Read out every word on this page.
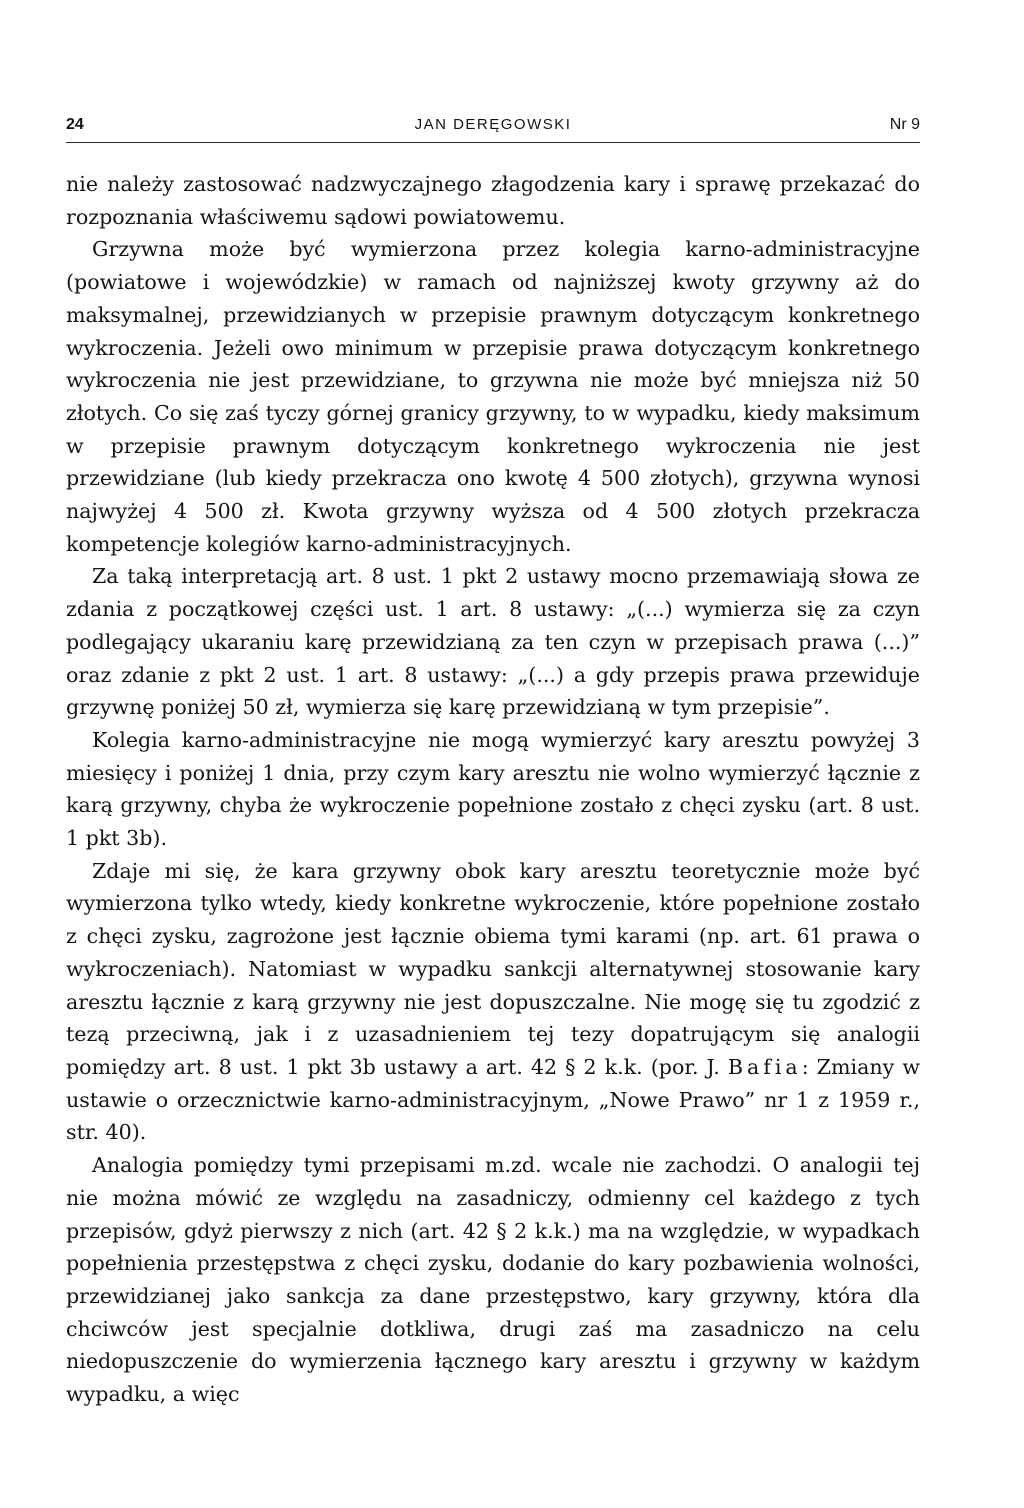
24	JAN DERĘGOWSKI	Nr 9

nie należy zastosować nadzwyczajnego złagodzenia kary i sprawę przekazać do rozpoznania właściwemu sądowi powiatowemu.

Grzywna może być wymierzona przez kolegia karno-administracyjne (powiatowe i wojewódzkie) w ramach od najniższej kwoty grzywny aż do maksymalnej, przewidzianych w przepisie prawnym dotyczącym konkretnego wykroczenia. Jeżeli owo minimum w przepisie prawa dotyczącym konkretnego wykroczenia nie jest przewidziane, to grzywna nie może być mniejsza niż 50 złotych. Co się zaś tyczy górnej granicy grzywny, to w wypadku, kiedy maksimum w przepisie prawnym dotyczącym konkretnego wykroczenia nie jest przewidziane (lub kiedy przekracza ono kwotę 4 500 złotych), grzywna wynosi najwyżej 4 500 zł. Kwota grzywny wyższa od 4 500 złotych przekracza kompetencje kolegiów karno-administracyjnych.

Za taką interpretacją art. 8 ust. 1 pkt 2 ustawy mocno przemawiają słowa ze zdania z początkowej części ust. 1 art. 8 ustawy: „(...) wymierza się za czyn podlegający ukaraniu karę przewidzianą za ten czyn w przepisach prawa (...)” oraz zdanie z pkt 2 ust. 1 art. 8 ustawy: „(...) a gdy przepis prawa przewiduje grzywnę poniżej 50 zł, wymierza się karę przewidzianą w tym przepisie”.

Kolegia karno-administracyjne nie mogą wymierzyć kary aresztu powyżej 3 miesięcy i poniżej 1 dnia, przy czym kary aresztu nie wolno wymierzyć łącznie z karą grzywny, chyba że wykroczenie popełnione zostało z chęci zysku (art. 8 ust. 1 pkt 3b).

Zdaje mi się, że kara grzywny obok kary aresztu teoretycznie może być wymierzona tylko wtedy, kiedy konkretne wykroczenie, które popełnione zostało z chęci zysku, zagrożone jest łącznie obiema tymi karami (np. art. 61 prawa o wykroczeniach). Natomiast w wypadku sankcji alternatywnej stosowanie kary aresztu łącznie z karą grzywny nie jest dopuszczalne. Nie mogę się tu zgodzić z tezą przeciwną, jak i z uzasadnieniem tej tezy dopatrującym się analogii pomiędzy art. 8 ust. 1 pkt 3b ustawy a art. 42 § 2 k.k. (por. J. Bafia: Zmiany w ustawie o orzecznictwie karno-administracyjnym, „Nowe Prawo” nr 1 z 1959 r., str. 40).

Analogia pomiędzy tymi przepisami m.zd. wcale nie zachodzi. O analogii tej nie można mówić ze względu na zasadniczy, odmienny cel każdego z tych przepisów, gdyż pierwszy z nich (art. 42 § 2 k.k.) ma na względzie, w wypadkach popełnienia przestępstwa z chęci zysku, dodanie do kary pozbawienia wolności, przewidzianej jako sankcja za dane przestępstwo, kary grzywny, która dla chciwców jest specjalnie dotkliwa, drugi zaś ma zasadniczo na celu niedopuszczenie do wymierzenia łącznego kary aresztu i grzywny w każdym wypadku, a więc
